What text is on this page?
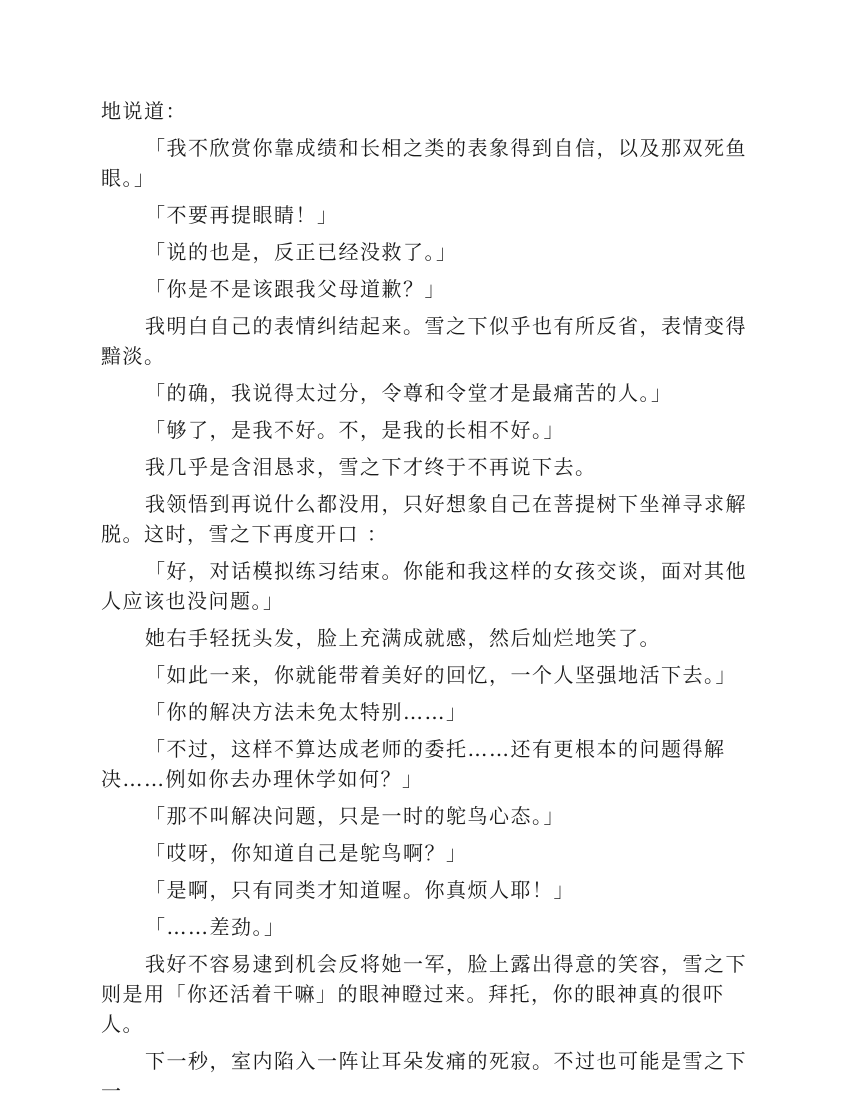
地说道：

「我不欣赏你靠成绩和长相之类的表象得到自信，以及那双死鱼眼。」

「不要再提眼睛！」

「说的也是，反正已经没救了。」

「你是不是该跟我父母道歉？」

我明白自己的表情纠结起来。雪之下似乎也有所反省，表情变得黯淡。

「的确，我说得太过分，令尊和令堂才是最痛苦的人。」

「够了，是我不好。不，是我的长相不好。」

我几乎是含泪恳求，雪之下才终于不再说下去。

我领悟到再说什么都没用，只好想象自己在菩提树下坐禅寻求解脱。这时，雪之下再度开口 ：

「好，对话模拟练习结束。你能和我这样的女孩交谈，面对其他人应该也没问题。」

她右手轻抚头发，脸上充满成就感，然后灿烂地笑了。

「如此一来，你就能带着美好的回忆，一个人坚强地活下去。」

「你的解决方法未免太特别……」

「不过，这样不算达成老师的委托……还有更根本的问题得解决……例如你去办理休学如何？」

「那不叫解决问题，只是一时的鸵鸟心态。」

「哎呀，你知道自己是鸵鸟啊？」

「是啊，只有同类才知道喔。你真烦人耶！」

「……差劲。」

我好不容易逮到机会反将她一军，脸上露出得意的笑容，雪之下则是用「你还活着干嘛」的眼神瞪过来。拜托，你的眼神真的很吓人。

下一秒，室内陷入一阵让耳朵发痛的死寂。不过也可能是雪之下一
